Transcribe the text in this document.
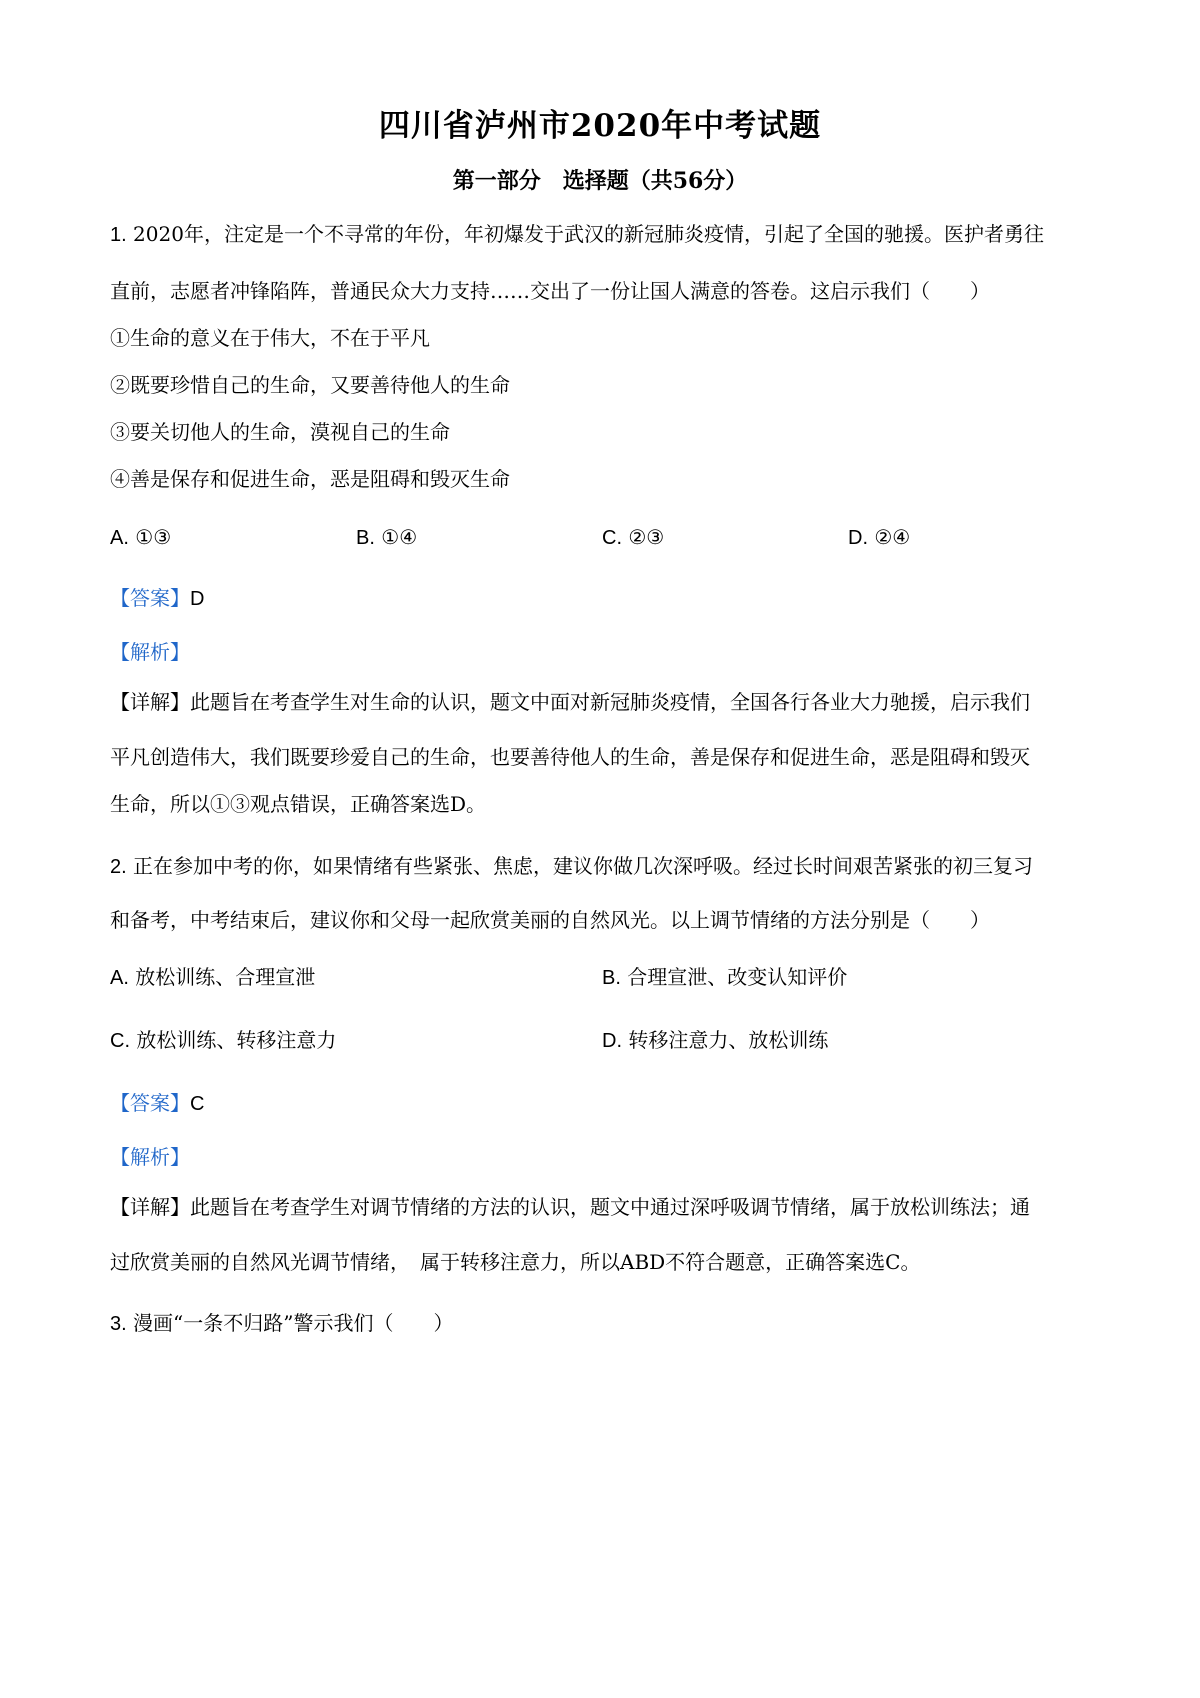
四川省泸州市2020年中考试题
第一部分　选择题（共56分）
1. 2020年，注定是一个不寻常的年份，年初爆发于武汉的新冠肺炎疫情，引起了全国的驰援。医护者勇往
直前，志愿者冲锋陷阵，普通民众大力支持……交出了一份让国人满意的答卷。这启示我们（　　）
①生命的意义在于伟大，不在于平凡
②既要珍惜自己的生命，又要善待他人的生命
③要关切他人的生命，漠视自己的生命
④善是保存和促进生命，恶是阻碍和毁灭生命
A. ①③	B. ①④	C. ②③	D. ②④
【答案】D
【解析】
【详解】此题旨在考查学生对生命的认识，题文中面对新冠肺炎疫情，全国各行各业大力驰援，启示我们
平凡创造伟大，我们既要珍爱自己的生命，也要善待他人的生命，善是保存和促进生命，恶是阻碍和毁灭
生命，所以①③观点错误，正确答案选D。
2. 正在参加中考的你，如果情绪有些紧张、焦虑，建议你做几次深呼吸。经过长时间艰苦紧张的初三复习
和备考，中考结束后，建议你和父母一起欣赏美丽的自然风光。以上调节情绪的方法分别是（　　）
A. 放松训练、合理宣泄	B. 合理宣泄、改变认知评价
C. 放松训练、转移注意力	D. 转移注意力、放松训练
【答案】C
【解析】
【详解】此题旨在考查学生对调节情绪的方法的认识，题文中通过深呼吸调节情绪，属于放松训练法；通
过欣赏美丽的自然风光调节情绪，　属于转移注意力，所以ABD不符合题意，正确答案选C。
3. 漫画“一条不归路”警示我们（　　）
